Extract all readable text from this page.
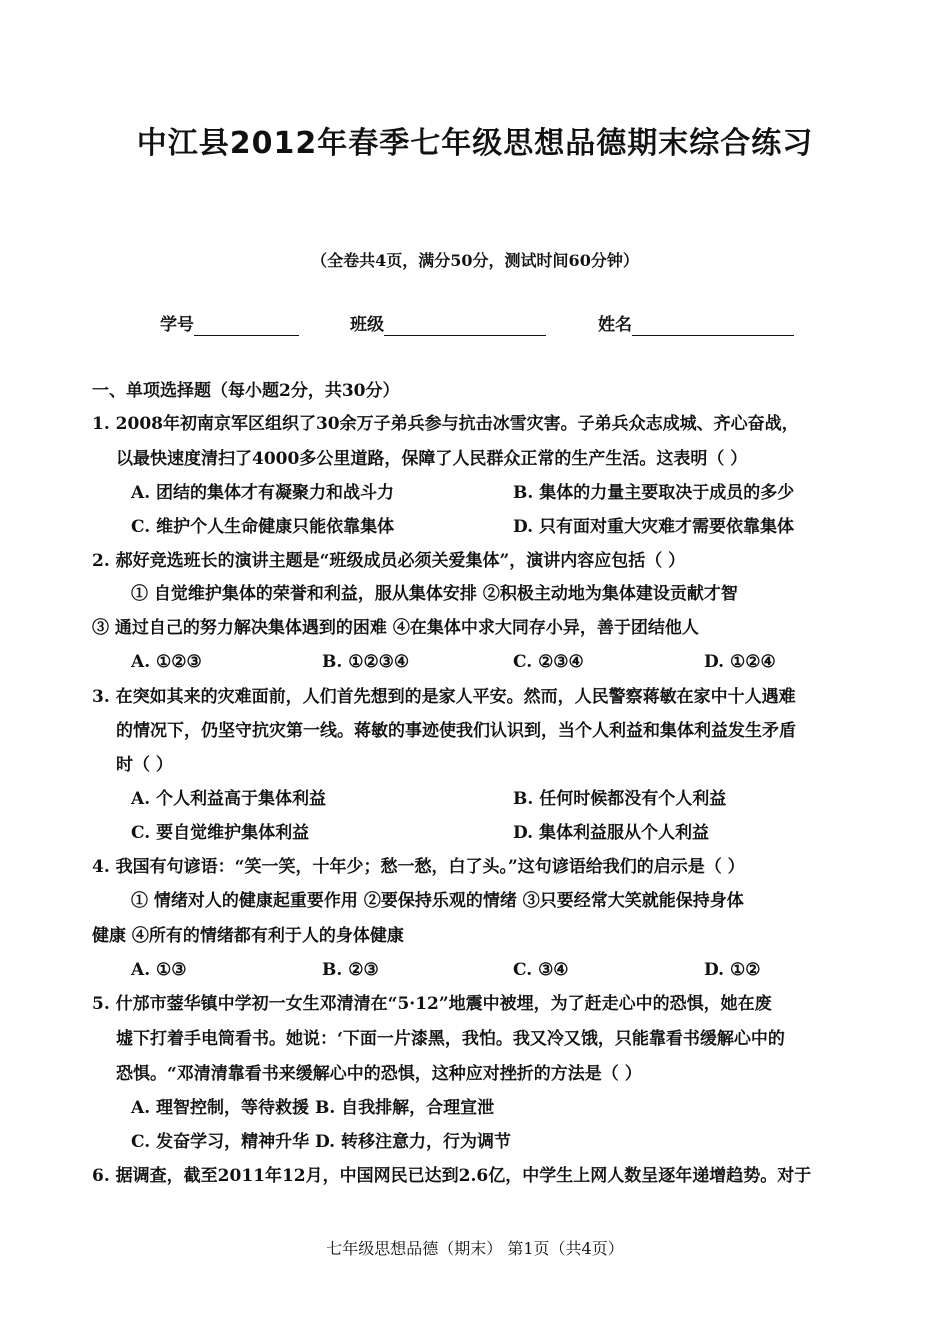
中江县2012年春季七年级思想品德期末综合练习
（全卷共4页，满分50分，测试时间60分钟）
学号	班级	姓名
一、单项选择题（每小题2分，共30分）
1. 2008年初南京军区组织了30余万子弟兵参与抗击冰雪灾害。子弟兵众志成城、齐心奋战，
以最快速度清扫了4000多公里道路，保障了人民群众正常的生产生活。这表明（ ）
A. 团结的集体才有凝聚力和战斗力	B. 集体的力量主要取决于成员的多少
C. 维护个人生命健康只能依靠集体	D. 只有面对重大灾难才需要依靠集体
2. 郝好竞选班长的演讲主题是“班级成员必须关爱集体”，演讲内容应包括（ ）
① 自觉维护集体的荣誉和利益，服从集体安排 ②积极主动地为集体建设贡献才智
③ 通过自己的努力解决集体遇到的困难 ④在集体中求大同存小异，善于团结他人
A. ①②③	B. ①②③④	C. ②③④	D. ①②④
3. 在突如其来的灾难面前，人们首先想到的是家人平安。然而，人民警察蒋敏在家中十人遇难
的情况下，仍坚守抗灾第一线。蒋敏的事迹使我们认识到，当个人利益和集体利益发生矛盾
时（ ）
A. 个人利益高于集体利益	B. 任何时候都没有个人利益
C. 要自觉维护集体利益	D. 集体利益服从个人利益
4. 我国有句谚语：“笑一笑，十年少；愁一愁，白了头。”这句谚语给我们的启示是（ ）
① 情绪对人的健康起重要作用 ②要保持乐观的情绪 ③只要经常大笑就能保持身体
健康 ④所有的情绪都有利于人的身体健康
A. ①③	B. ②③	C. ③④	D. ①②
5. 什邡市蓥华镇中学初一女生邓清清在“5·12”地震中被埋，为了赶走心中的恐惧，她在废
墟下打着手电筒看书。她说：‘下面一片漆黑，我怕。我又冷又饿，只能靠看书缓解心中的
恐惧。“邓清清靠看书来缓解心中的恐惧，这种应对挫折的方法是（ ）
A. 理智控制，等待救援 B. 自我排解，合理宣泄
C. 发奋学习，精神升华 D. 转移注意力，行为调节
6. 据调查，截至2011年12月，中国网民已达到2.6亿，中学生上网人数呈逐年递增趋势。对于
七年级思想品德（期末） 第1页（共4页）
